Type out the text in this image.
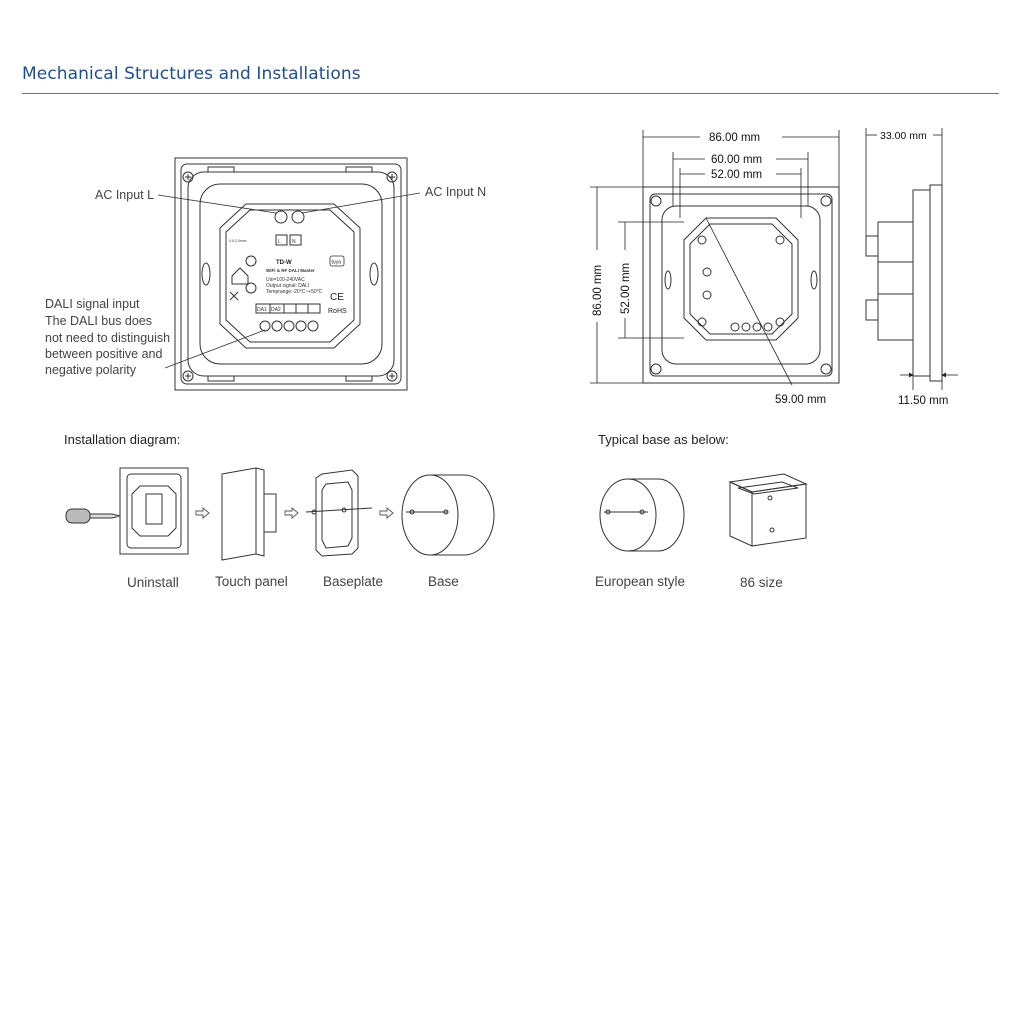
Mechanical Structures and Installations
L N
TD-W
WiFi & RF DALI Master
Uin=100-240VAC
Output signal: DALI
Temprange:-20°C~+50°C
DA1 DA2
CE
RoHS
tuya
0.5-2.0mm²
AC Input L	AC Input N
DALI signal input
The DALI bus does
not need to distinguish
between positive and
negative polarity
86.00 mm
60.00 mm
52.00 mm
86.00 mm 52.00 mm
59.00 mm
33.00 mm
11.50 mm
Installation diagram:
Uninstall	Touch panel	Baseplate	Base
Typical base as below:
European style	86 size
